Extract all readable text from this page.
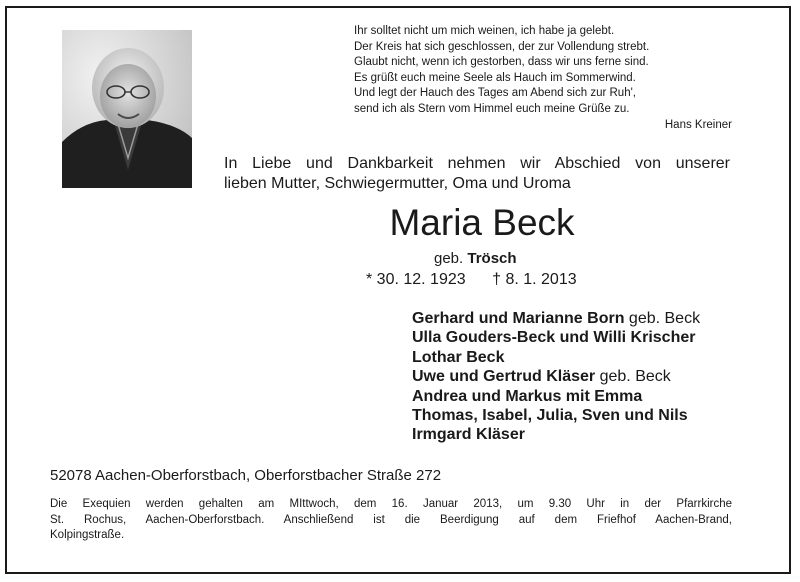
Ihr solltet nicht um mich weinen, ich habe ja gelebt.
Der Kreis hat sich geschlossen, der zur Vollendung strebt.
Glaubt nicht, wenn ich gestorben, dass wir uns ferne sind.
Es grüßt euch meine Seele als Hauch im Sommerwind.
Und legt der Hauch des Tages am Abend sich zur Ruh',
send ich als Stern vom Himmel euch meine Grüße zu.
Hans Kreiner
In Liebe und Dankbarkeit nehmen wir Abschied von unserer
lieben Mutter, Schwiegermutter, Oma und Uroma
Maria Beck
geb. Trösch
* 30. 12. 1923 † 8. 1. 2013
Gerhard und Marianne Born geb. Beck
Ulla Gouders-Beck und Willi Krischer
Lothar Beck
Uwe und Gertrud Kläser geb. Beck
Andrea und Markus mit Emma
Thomas, Isabel, Julia, Sven und Nils
Irmgard Kläser
52078 Aachen-Oberforstbach, Oberforstbacher Straße 272
Die Exequien werden gehalten am MIttwoch, dem 16. Januar 2013, um 9.30 Uhr in der Pfarrkirche
St. Rochus, Aachen-Oberforstbach. Anschließend ist die Beerdigung auf dem Friefhof Aachen-Brand,
Kolpingstraße.
